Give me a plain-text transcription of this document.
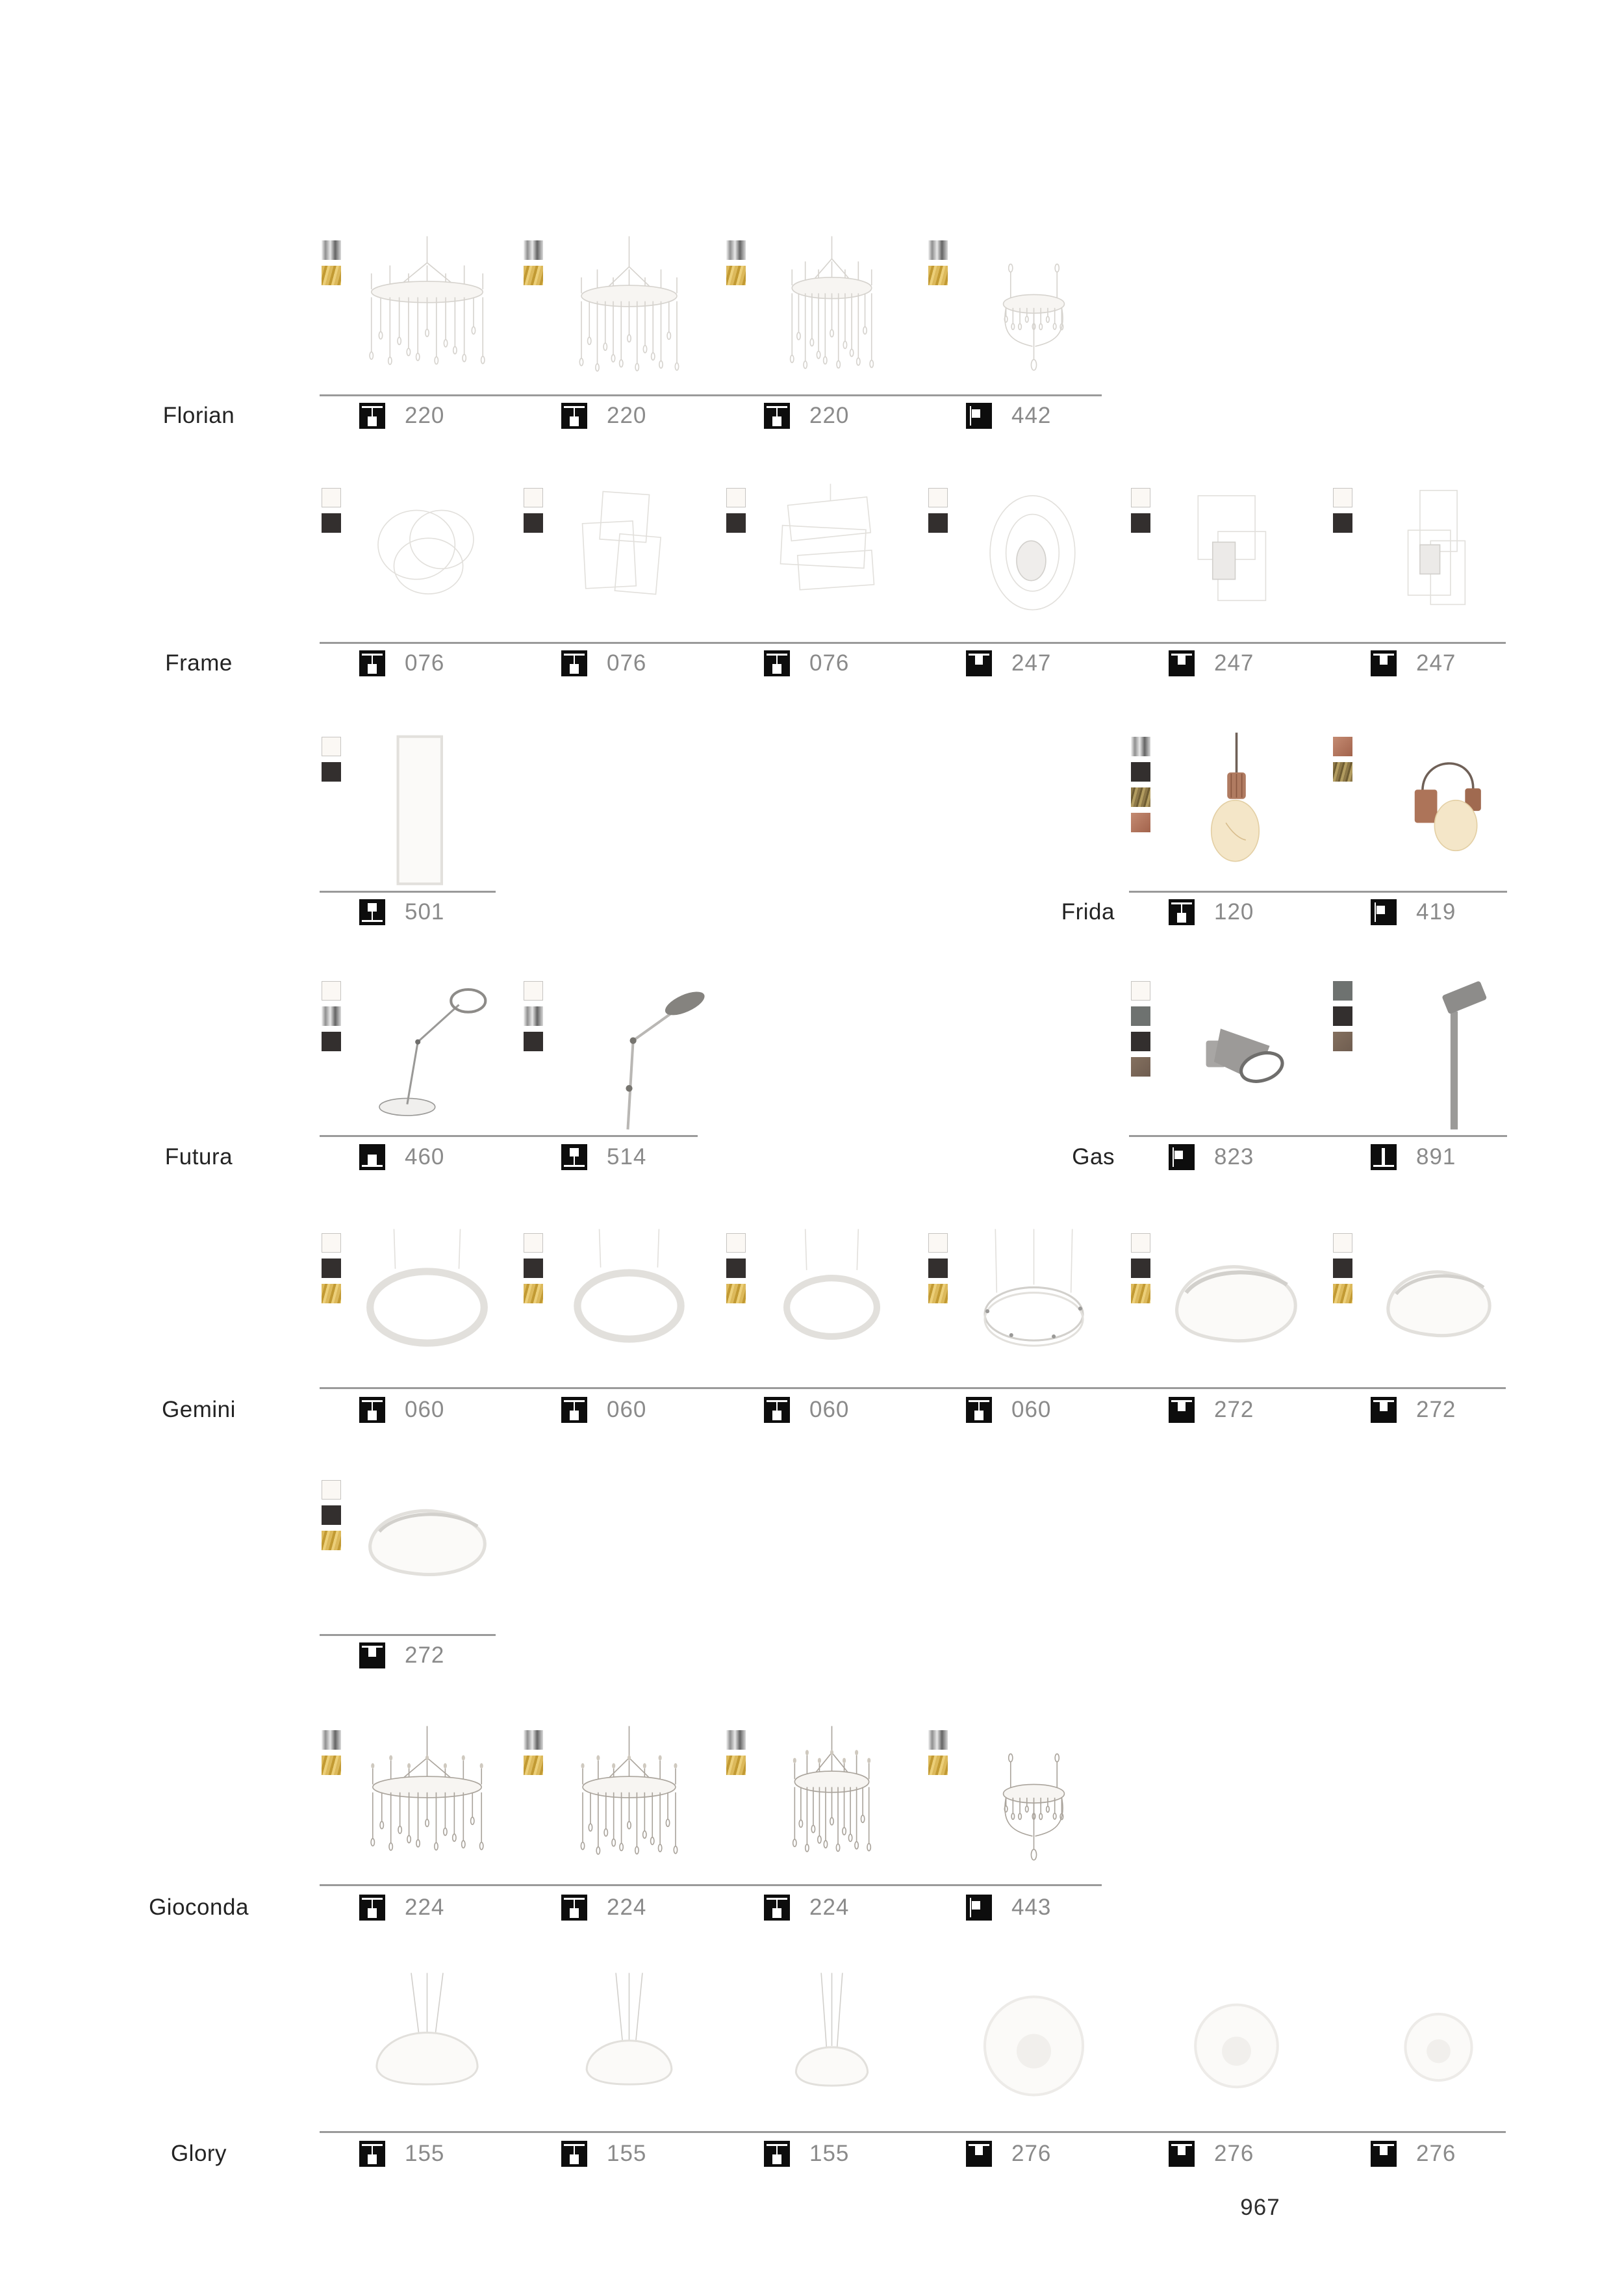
967
Florian	220	220	220	442
Frame	076	076	076	247	247	247
501	Frida	120	419
Futura	460	514	Gas	823	891
Gemini	060	060	060	060	272	272
272
Gioconda	224	224	224	443
Glory	155	155	155	276	276	276
